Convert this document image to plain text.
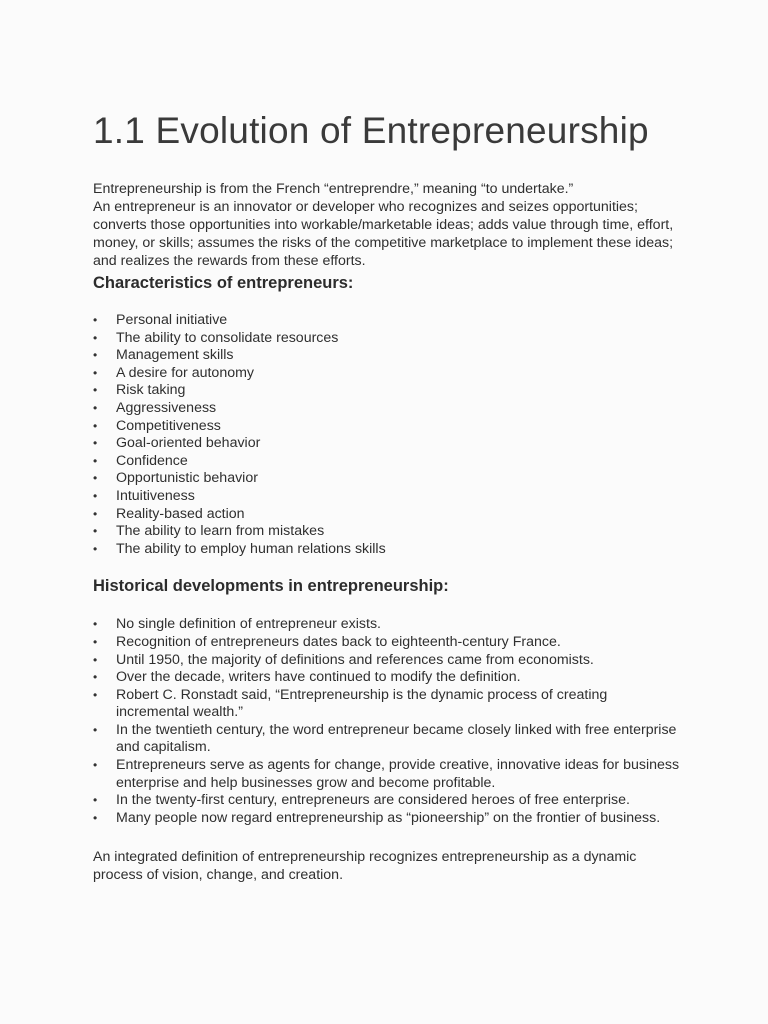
1.1 Evolution of Entrepreneurship

Entrepreneurship is from the French “entreprendre,” meaning “to undertake.”
An entrepreneur is an innovator or developer who recognizes and seizes opportunities; converts those opportunities into workable/marketable ideas; adds value through time, effort, money, or skills; assumes the risks of the competitive marketplace to implement these ideas; and realizes the rewards from these efforts.

Characteristics of entrepreneurs:
• Personal initiative
• The ability to consolidate resources
• Management skills
• A desire for autonomy
• Risk taking
• Aggressiveness
• Competitiveness
• Goal-oriented behavior
• Confidence
• Opportunistic behavior
• Intuitiveness
• Reality-based action
• The ability to learn from mistakes
• The ability to employ human relations skills
Historical developments in entrepreneurship:
• No single definition of entrepreneur exists.
• Recognition of entrepreneurs dates back to eighteenth-century France.
• Until 1950, the majority of definitions and references came from economists.
• Over the decade, writers have continued to modify the definition.
• Robert C. Ronstadt said, “Entrepreneurship is the dynamic process of creating incremental wealth.”
• In the twentieth century, the word entrepreneur became closely linked with free enterprise and capitalism.
• Entrepreneurs serve as agents for change, provide creative, innovative ideas for business enterprise and help businesses grow and become profitable.
• In the twenty-first century, entrepreneurs are considered heroes of free enterprise.
• Many people now regard entrepreneurship as “pioneership” on the frontier of business.

An integrated definition of entrepreneurship recognizes entrepreneurship as a dynamic process of vision, change, and creation.
